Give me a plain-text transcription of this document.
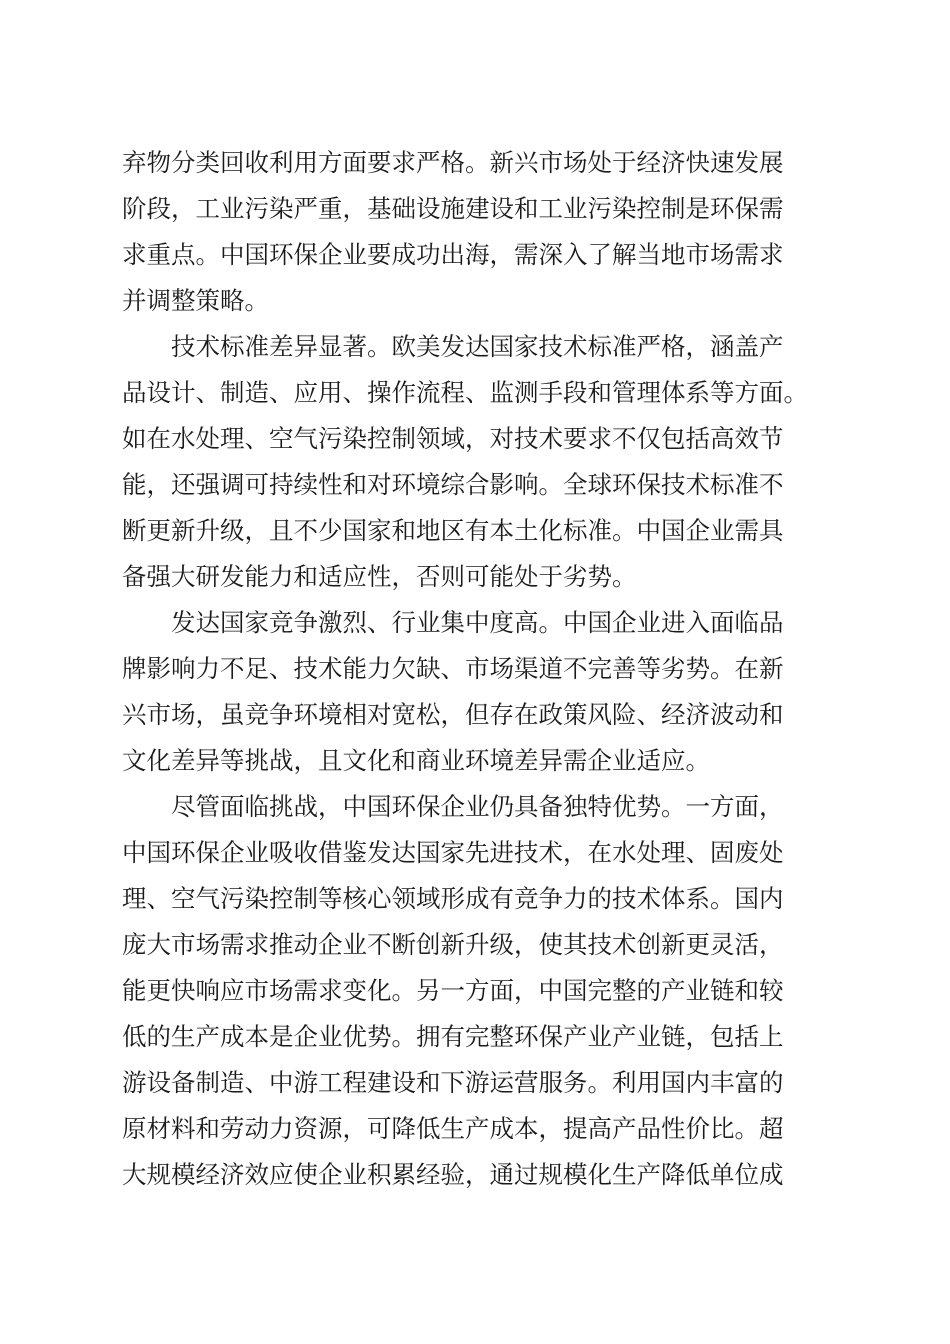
弃物分类回收利用方面要求严格。新兴市场处于经济快速发展
阶段，工业污染严重，基础设施建设和工业污染控制是环保需
求重点。中国环保企业要成功出海，需深入了解当地市场需求
并调整策略。
技术标准差异显著。欧美发达国家技术标准严格，涵盖产
品设计、制造、应用、操作流程、监测手段和管理体系等方面。
如在水处理、空气污染控制领域，对技术要求不仅包括高效节
能，还强调可持续性和对环境综合影响。全球环保技术标准不
断更新升级，且不少国家和地区有本土化标准。中国企业需具
备强大研发能力和适应性，否则可能处于劣势。
发达国家竞争激烈、行业集中度高。中国企业进入面临品
牌影响力不足、技术能力欠缺、市场渠道不完善等劣势。在新
兴市场，虽竞争环境相对宽松，但存在政策风险、经济波动和
文化差异等挑战，且文化和商业环境差异需企业适应。
尽管面临挑战，中国环保企业仍具备独特优势。一方面，
中国环保企业吸收借鉴发达国家先进技术，在水处理、固废处
理、空气污染控制等核心领域形成有竞争力的技术体系。国内
庞大市场需求推动企业不断创新升级，使其技术创新更灵活，
能更快响应市场需求变化。另一方面，中国完整的产业链和较
低的生产成本是企业优势。拥有完整环保产业产业链，包括上
游设备制造、中游工程建设和下游运营服务。利用国内丰富的
原材料和劳动力资源，可降低生产成本，提高产品性价比。超
大规模经济效应使企业积累经验，通过规模化生产降低单位成
